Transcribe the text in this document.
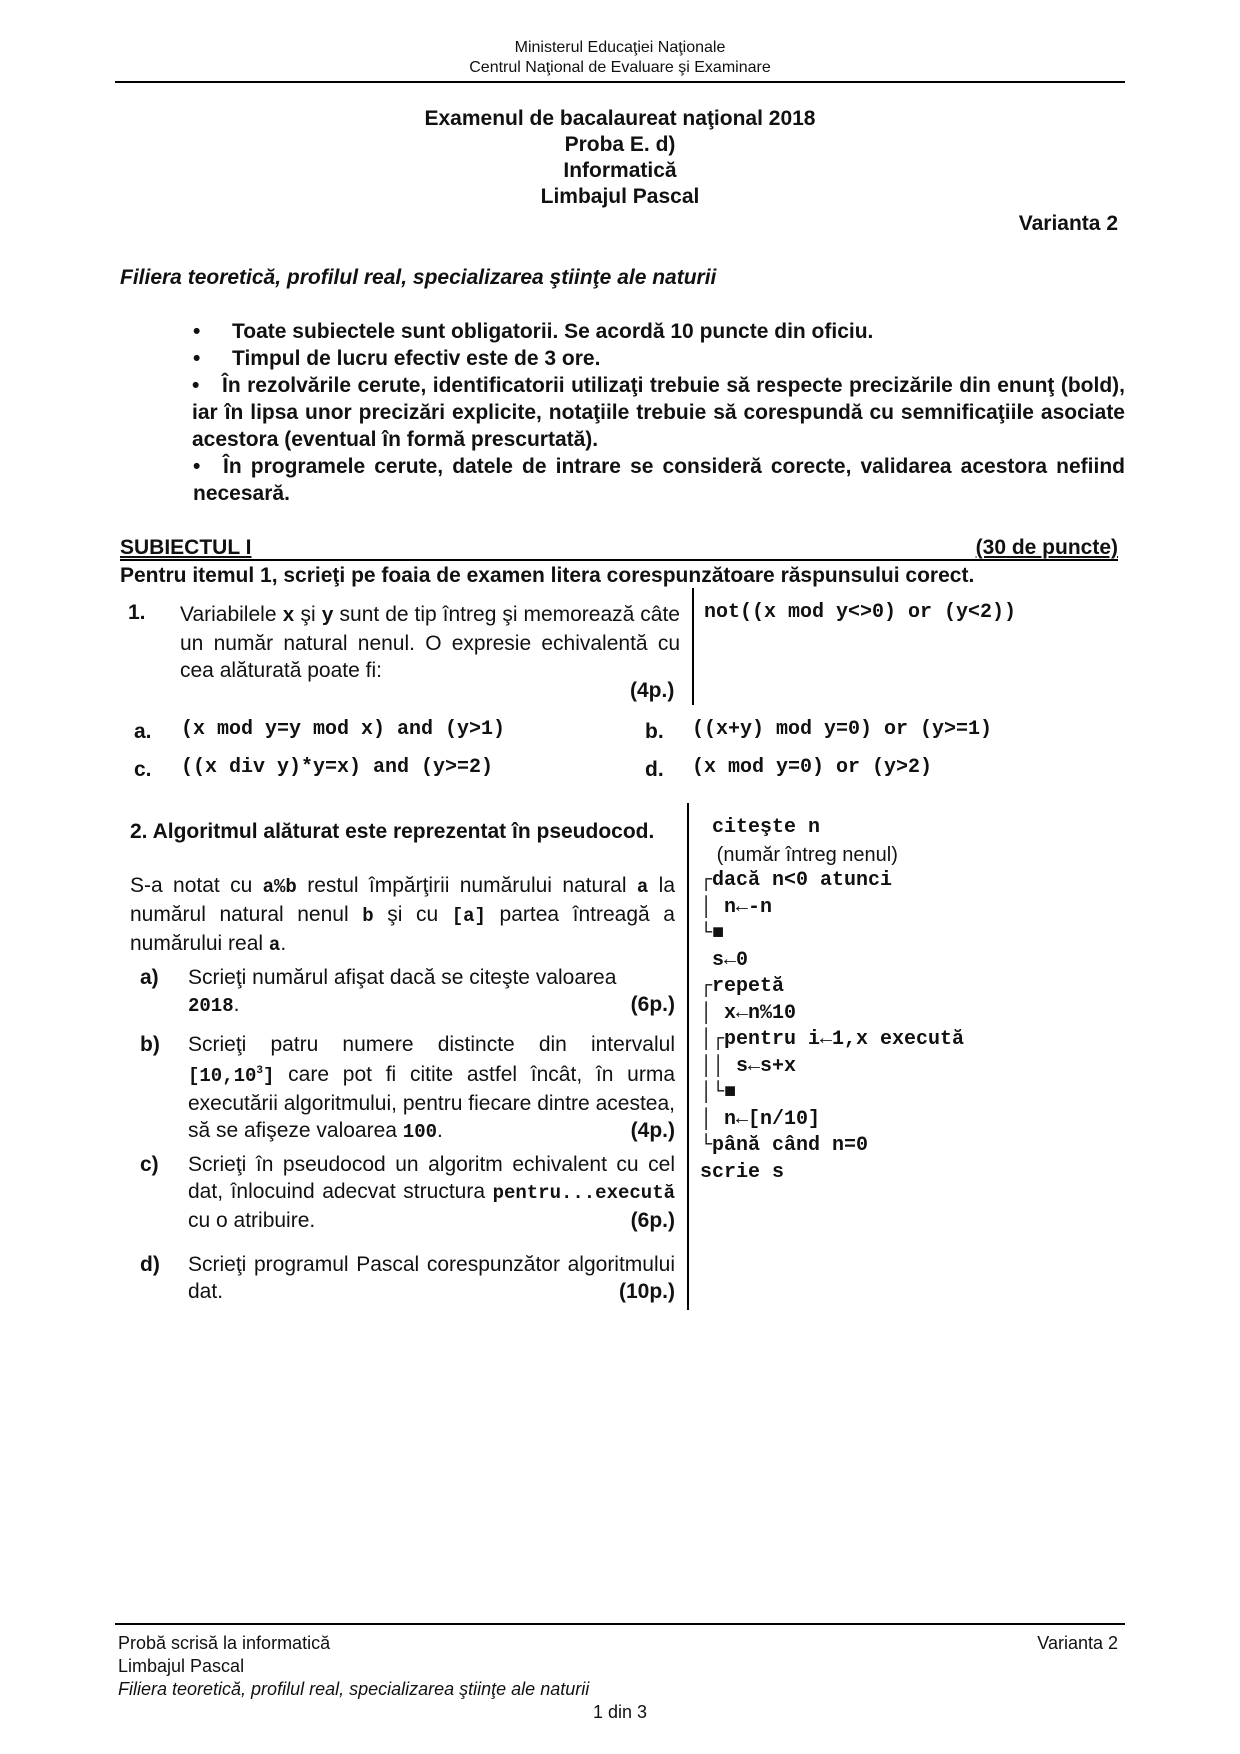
Ministerul Educaţiei Naţionale
Centrul Naţional de Evaluare şi Examinare
Examenul de bacalaureat naţional 2018
Proba E. d)
Informatică
Limbajul Pascal
Varianta 2
Filiera teoretică, profilul real, specializarea ştiinţe ale naturii
• Toate subiectele sunt obligatorii. Se acordă 10 puncte din oficiu.
• Timpul de lucru efectiv este de 3 ore.
• În rezolvările cerute, identificatorii utilizaţi trebuie să respecte precizările din enunţ (bold), iar în lipsa unor precizări explicite, notaţiile trebuie să corespundă cu semnificaţiile asociate acestora (eventual în formă prescurtată).
• În programele cerute, datele de intrare se consideră corecte, validarea acestora nefiind necesară.
SUBIECTUL I	(30 de puncte)
Pentru itemul 1, scrieţi pe foaia de examen litera corespunzătoare răspunsului corect.
1. Variabilele x şi y sunt de tip întreg şi memorează câte un număr natural nenul. O expresie echivalentă cu cea alăturată poate fi:
(4p.)
not((x mod y<>0) or (y<2))
a. (x mod y=y mod x) and (y>1)	b. ((x+y) mod y=0) or (y>=1)
c. ((x div y)*y=x) and (y>=2)	d. (x mod y=0) or (y>2)
2. Algoritmul alăturat este reprezentat în pseudocod.
S-a notat cu a%b restul împărţirii numărului natural a la numărul natural nenul b şi cu [a] partea întreagă a numărului real a.
a) Scrieţi numărul afişat dacă se citeşte valoarea
2018.	(6p.)
b) Scrieţi patru numere distincte din intervalul [10,10$^3$] care pot fi citite astfel încât, în urma executării algoritmului, pentru fiecare dintre acestea, să se afişeze valoarea 100.	(4p.)
c) Scrieţi în pseudocod un algoritm echivalent cu cel dat, înlocuind adecvat structura pentru...execută cu o atribuire.	(6p.)
d) Scrieţi programul Pascal corespunzător algoritmului dat.	(10p.)
citeşte n
(număr întreg nenul)
┌dacă n<0 atunci
│ n←-n
└■
s←0
┌repetă
│ x←n%10
│┌pentru i←1,x execută
││ s←s+x
│└■
│ n←[n/10]
└până când n=0
scrie s
Probă scrisă la informatică	Varianta 2
Limbajul Pascal
Filiera teoretică, profilul real, specializarea ştiinţe ale naturii
1 din 3
